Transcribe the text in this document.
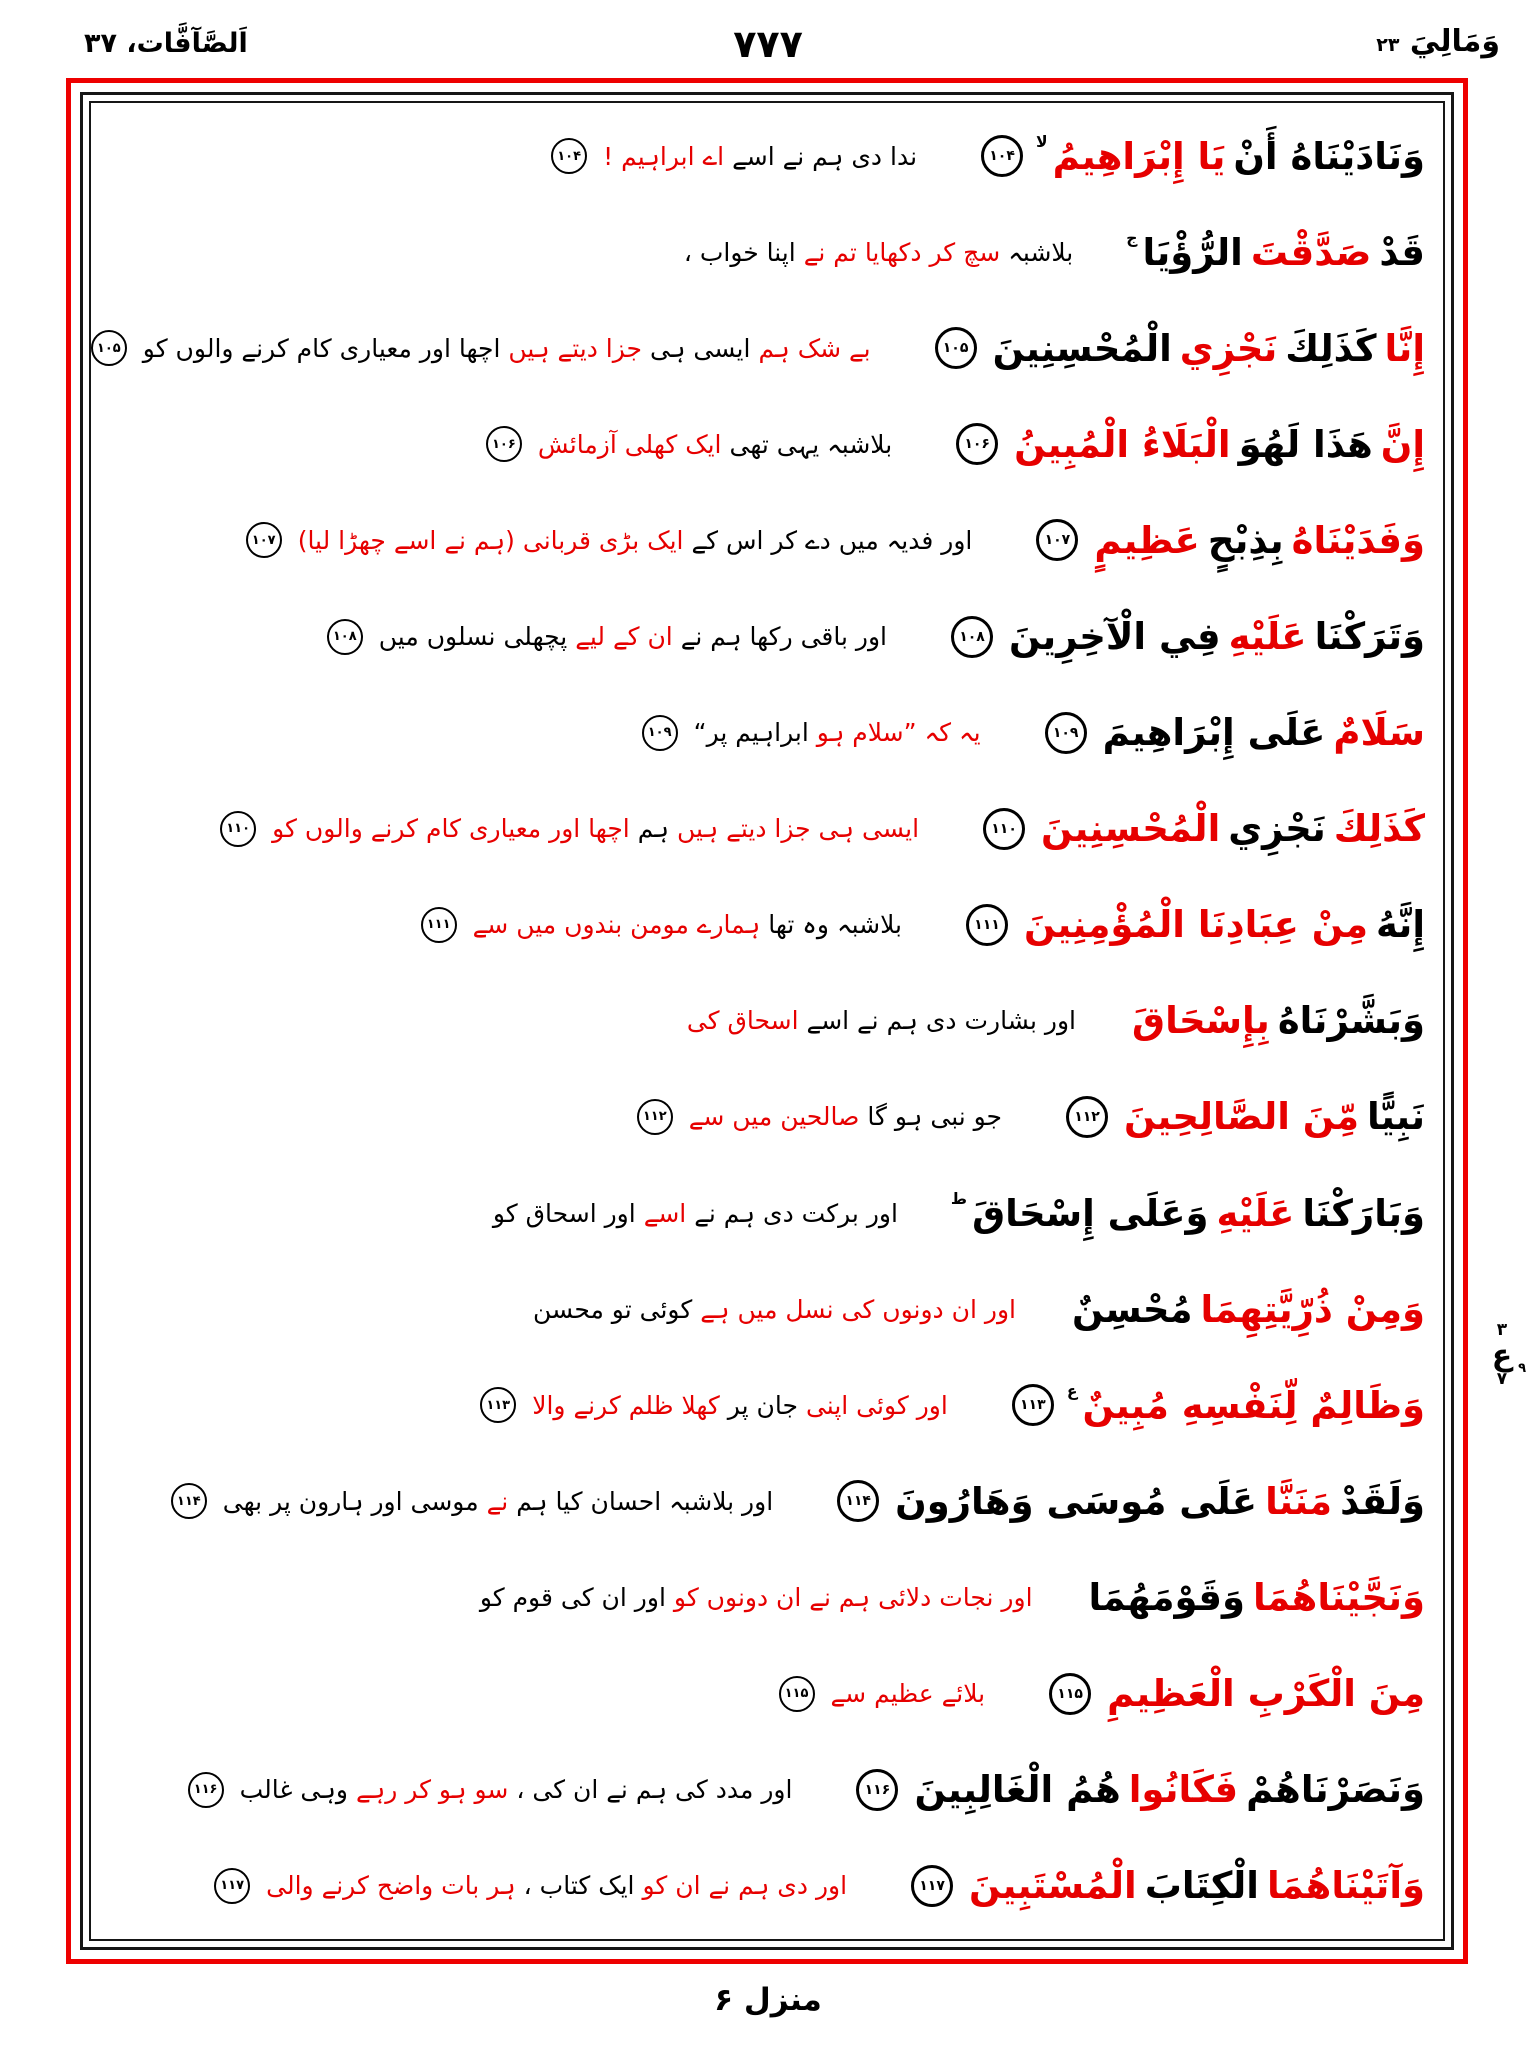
اَلصَّآفَّات، ۳۷	۷۷۷	وَمَالِيَ ۲۳
وَنَادَيْنَاهُ أَنْ
يَا إِبْرَاهِيمُ
لا
۱۰۴
ندا دی ہم نے اسے
اے ابراہیم !
۱۰۴
قَدْ
صَدَّقْتَ
الرُّؤْيَا
ج
بلاشبہ
سچ کر دکھایا تم نے
اپنا خواب ،
إِنَّا
كَذَلِكَ
نَجْزِي
الْمُحْسِنِينَ
۱۰۵
بے شک ہم
ایسی ہی
جزا دیتے ہیں
اچھا اور معیاری کام کرنے والوں کو
۱۰۵
إِنَّ
هَذَا لَهُوَ
الْبَلَاءُ الْمُبِينُ
۱۰۶
بلاشبہ یہی تھی
ایک کھلی آزمائش
۱۰۶
وَفَدَيْنَاهُ
بِذِبْحٍ
عَظِيمٍ
۱۰۷
اور فدیہ میں دے کر اس کے
ایک بڑی قربانی (ہم نے اسے چھڑا لیا)
۱۰۷
وَتَرَكْنَا
عَلَيْهِ
فِي الْآخِرِينَ
۱۰۸
اور باقی رکھا ہم نے
ان کے لیے
پچھلی نسلوں میں
۱۰۸
سَلَامٌ
عَلَى إِبْرَاهِيمَ
۱۰۹
یہ کہ ”سلام ہو
ابراہیم پر“
۱۰۹
كَذَلِكَ
نَجْزِي
الْمُحْسِنِينَ
۱۱۰
ایسی ہی جزا دیتے ہیں
ہم
اچھا اور معیاری کام کرنے والوں کو
۱۱۰
إِنَّهُ
مِنْ عِبَادِنَا الْمُؤْمِنِينَ
۱۱۱
بلاشبہ وہ تھا
ہمارے مومن بندوں میں سے
۱۱۱
وَبَشَّرْنَاهُ
بِإِسْحَاقَ
اور بشارت دی ہم نے اسے
اسحاق کی
نَبِيًّا
مِّنَ الصَّالِحِينَ
۱۱۲
جو نبی ہو گا
صالحین میں سے
۱۱۲
وَبَارَكْنَا
عَلَيْهِ
وَعَلَى إِسْحَاقَ
ط
اور برکت دی ہم نے
اسے
اور اسحاق کو
وَمِنْ ذُرِّيَّتِهِمَا
مُحْسِنٌ
اور ان دونوں کی نسل میں ہے
کوئی تو محسن
وَظَالِمٌ لِّنَفْسِهِ مُبِينٌ
ع
۱۱۳
اور کوئی اپنی
جان پر
کھلا ظلم کرنے والا
۱۱۳
وَلَقَدْ
مَنَنَّا
عَلَى مُوسَى وَهَارُونَ
۱۱۴
اور بلاشبہ احسان کیا ہم
نے
موسی اور ہارون پر بھی
۱۱۴
وَنَجَّيْنَاهُمَا
وَقَوْمَهُمَا
اور نجات دلائی ہم نے ان دونوں کو
اور ان کی قوم کو
مِنَ الْكَرْبِ الْعَظِيمِ
۱۱۵
بلائے عظیم سے
۱۱۵
وَنَصَرْنَاهُمْ
فَكَانُوا
هُمُ الْغَالِبِينَ
۱۱۶
اور مدد کی ہم نے ان کی ،
سو ہو کر رہے
وہی غالب
۱۱۶
وَآتَيْنَاهُمَا
الْكِتَابَ
الْمُسْتَبِينَ
۱۱۷
اور دی ہم نے ان کو
ایک کتاب ،
ہر بات واضح کرنے والی
۱۱۷
۳
ع ۹
۷
منزل ۶
